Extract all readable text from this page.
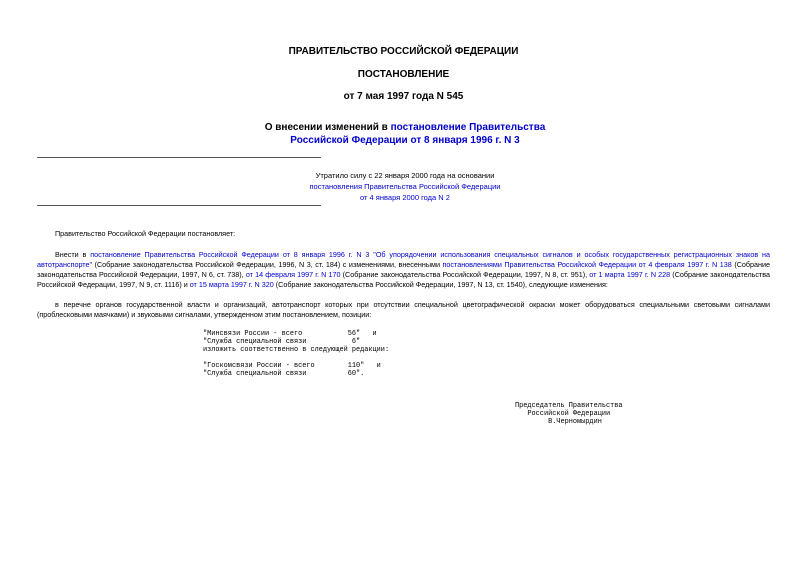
ПРАВИТЕЛЬСТВО РОССИЙСКОЙ ФЕДЕРАЦИИ
ПОСТАНОВЛЕНИЕ
от 7 мая 1997 года N 545
О внесении изменений в постановление Правительства
Российской Федерации от 8 января 1996 г. N 3
Утратило силу с 22 января 2000 года на основании
постановления Правительства Российской Федерации
от 4 января 2000 года N 2
Правительство Российской Федерации постановляет:
Внести в постановление Правительства Российской Федерации от 8 января 1996 г. N 3 "Об упорядочении использования специальных сигналов и особых государственных регистрационных знаков на автотранспорте" (Собрание законодательства Российской Федерации, 1996, N 3, ст. 184) с изменениями, внесенными постановлениями Правительства Российской Федерации от 4 февраля 1997 г. N 138 (Собрание законодательства Российской Федерации, 1997, N 6, ст. 738), от 14 февраля 1997 г. N 170 (Собрание законодательства Российской Федерации, 1997, N 8, ст. 951), от 1 марта 1997 г. N 228 (Собрание законодательства Российской Федерации, 1997, N 9, ст. 1116) и от 15 марта 1997 г. N 320 (Собрание законодательства Российской Федерации, 1997, N 13, ст. 1540), следующие изменения:
в перечне органов государственной власти и организаций, автотранспорт которых при отсутствии специальной цветографической окраски может оборудоваться специальными световыми сигналами (проблесковыми маячками) и звуковыми сигналами, утвержденном этим постановлением, позиции:
"Минсвязи России - всего           56"   и
"Служба специальной связи           6"
изложить соответственно в следующей редакции:
"Госкомсвязи России - всего        110"   и
"Служба специальной связи          60".
Председатель Правительства
Российской Федерации
В.Черномырдин
